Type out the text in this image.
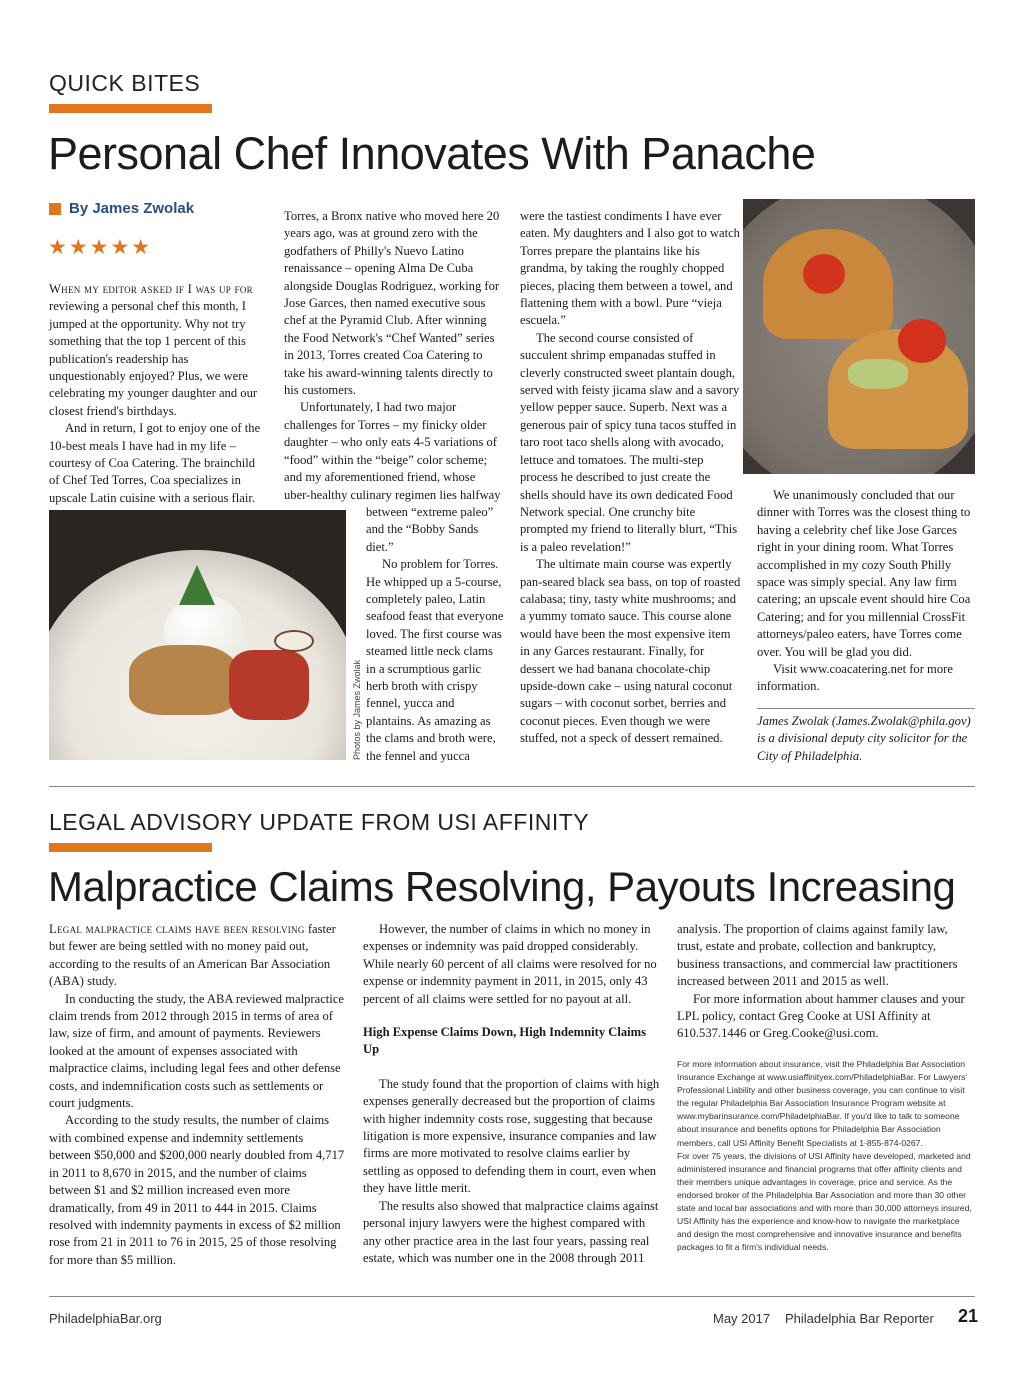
QUICK BITES
Personal Chef Innovates With Panache
By James Zwolak
★★★★★

When my editor asked if I was up for reviewing a personal chef this month, I jumped at the opportunity. Why not try something that the top 1 percent of this publication's readership has unquestionably enjoyed? Plus, we were celebrating my younger daughter and our closest friend's birthdays.

And in return, I got to enjoy one of the 10-best meals I have had in my life – courtesy of Coa Catering. The brainchild of Chef Ted Torres, Coa specializes in upscale Latin cuisine with a serious flair.

Torres, a Bronx native who moved here 20 years ago, was at ground zero with the godfathers of Philly's Nuevo Latino renaissance – opening Alma De Cuba alongside Douglas Rodriguez, working for Jose Garces, then named executive sous chef at the Pyramid Club. After winning the Food Network's “Chef Wanted” series in 2013, Torres created Coa Catering to take his award-winning talents directly to his customers.

Unfortunately, I had two major challenges for Torres – my finicky older daughter – who only eats 4-5 variations of “food” within the “beige” color scheme; and my aforementioned friend, whose uber-healthy culinary regimen lies halfway

between “extreme paleo” and the “Bobby Sands diet.”

No problem for Torres. He whipped up a 5-course, completely paleo, Latin seafood feast that everyone loved. The first course was steamed little neck clams in a scrumptious garlic herb broth with crispy fennel, yucca and plantains. As amazing as the clams and broth were, the fennel and yucca

were the tastiest condiments I have ever eaten. My daughters and I also got to watch Torres prepare the plantains like his grandma, by taking the roughly chopped pieces, placing them between a towel, and flattening them with a bowl. Pure “vieja escuela.”

The second course consisted of succulent shrimp empanadas stuffed in cleverly constructed sweet plantain dough, served with feisty jicama slaw and a savory yellow pepper sauce. Superb. Next was a generous pair of spicy tuna tacos stuffed in taro root taco shells along with avocado, lettuce and tomatoes. The multi-step process he described to just create the shells should have its own dedicated Food Network special. One crunchy bite prompted my friend to literally blurt, “This is a paleo revelation!”

The ultimate main course was expertly pan-seared black sea bass, on top of roasted calabasa; tiny, tasty white mushrooms; and a yummy tomato sauce. This course alone would have been the most expensive item in any Garces restaurant. Finally, for dessert we had banana chocolate-chip upside-down cake – using natural coconut sugars – with coconut sorbet, berries and coconut pieces. Even though we were stuffed, not a speck of dessert remained.

We unanimously concluded that our dinner with Torres was the closest thing to having a celebrity chef like Jose Garces right in your dining room. What Torres accomplished in my cozy South Philly space was simply special. Any law firm catering; an upscale event should hire Coa Catering; and for you millennial CrossFit attorneys/paleo eaters, have Torres come over. You will be glad you did.

Visit www.coacatering.net for more information.

James Zwolak (James.Zwolak@phila.gov) is a divisional deputy city solicitor for the City of Philadelphia.
Photos by James Zwolak
LEGAL ADVISORY UPDATE FROM USI AFFINITY
Malpractice Claims Resolving, Payouts Increasing

Legal malpractice claims have been resolving faster but fewer are being settled with no money paid out, according to the results of an American Bar Association (ABA) study.

In conducting the study, the ABA reviewed malpractice claim trends from 2012 through 2015 in terms of area of law, size of firm, and amount of payments. Reviewers looked at the amount of expenses associated with malpractice claims, including legal fees and other defense costs, and indemnification costs such as settlements or court judgments.

According to the study results, the number of claims with combined expense and indemnity settlements between $50,000 and $200,000 nearly doubled from 4,717 in 2011 to 8,670 in 2015, and the number of claims between $1 and $2 million increased even more dramatically, from 49 in 2011 to 444 in 2015. Claims resolved with indemnity payments in excess of $2 million rose from 21 in 2011 to 76 in 2015, 25 of those resolving for more than $5 million.

However, the number of claims in which no money in expenses or indemnity was paid dropped considerably. While nearly 60 percent of all claims were resolved for no expense or indemnity payment in 2011, in 2015, only 43 percent of all claims were settled for no payout at all.

High Expense Claims Down, High Indemnity Claims Up

The study found that the proportion of claims with high expenses generally decreased but the proportion of claims with higher indemnity costs rose, suggesting that because litigation is more expensive, insurance companies and law firms are more motivated to resolve claims earlier by settling as opposed to defending them in court, even when they have little merit.

The results also showed that malpractice claims against personal injury lawyers were the highest compared with any other practice area in the last four years, passing real estate, which was number one in the 2008 through 2011

analysis. The proportion of claims against family law, trust, estate and probate, collection and bankruptcy, business transactions, and commercial law practitioners increased between 2011 and 2015 as well.

For more information about hammer clauses and your LPL policy, contact Greg Cooke at USI Affinity at 610.537.1446 or Greg.Cooke@usi.com.

For more information about insurance, visit the Philadelphia Bar Association Insurance Exchange at www.usiaffinityex.com/PhiladelphiaBar. For Lawyers' Professional Liability and other business coverage, you can continue to visit the regular Philadelphia Bar Association Insurance Program website at www.mybarinsurance.com/PhiladelphiaBar. If you'd like to talk to someone about insurance and benefits options for Philadelphia Bar Association members, call USI Affinity Benefit Specialists at 1-855-874-0267.

For over 75 years, the divisions of USI Affinity have developed, marketed and administered insurance and financial programs that offer affinity clients and their members unique advantages in coverage, price and service. As the endorsed broker of the Philadelphia Bar Association and more than 30 other state and local bar associations and with more than 30,000 attorneys insured, USI Affinity has the experience and know-how to navigate the marketplace and design the most comprehensive and innovative insurance and benefits packages to fit a firm's individual needs.

PhiladelphiaBar.org	May 2017 Philadelphia Bar Reporter 21
